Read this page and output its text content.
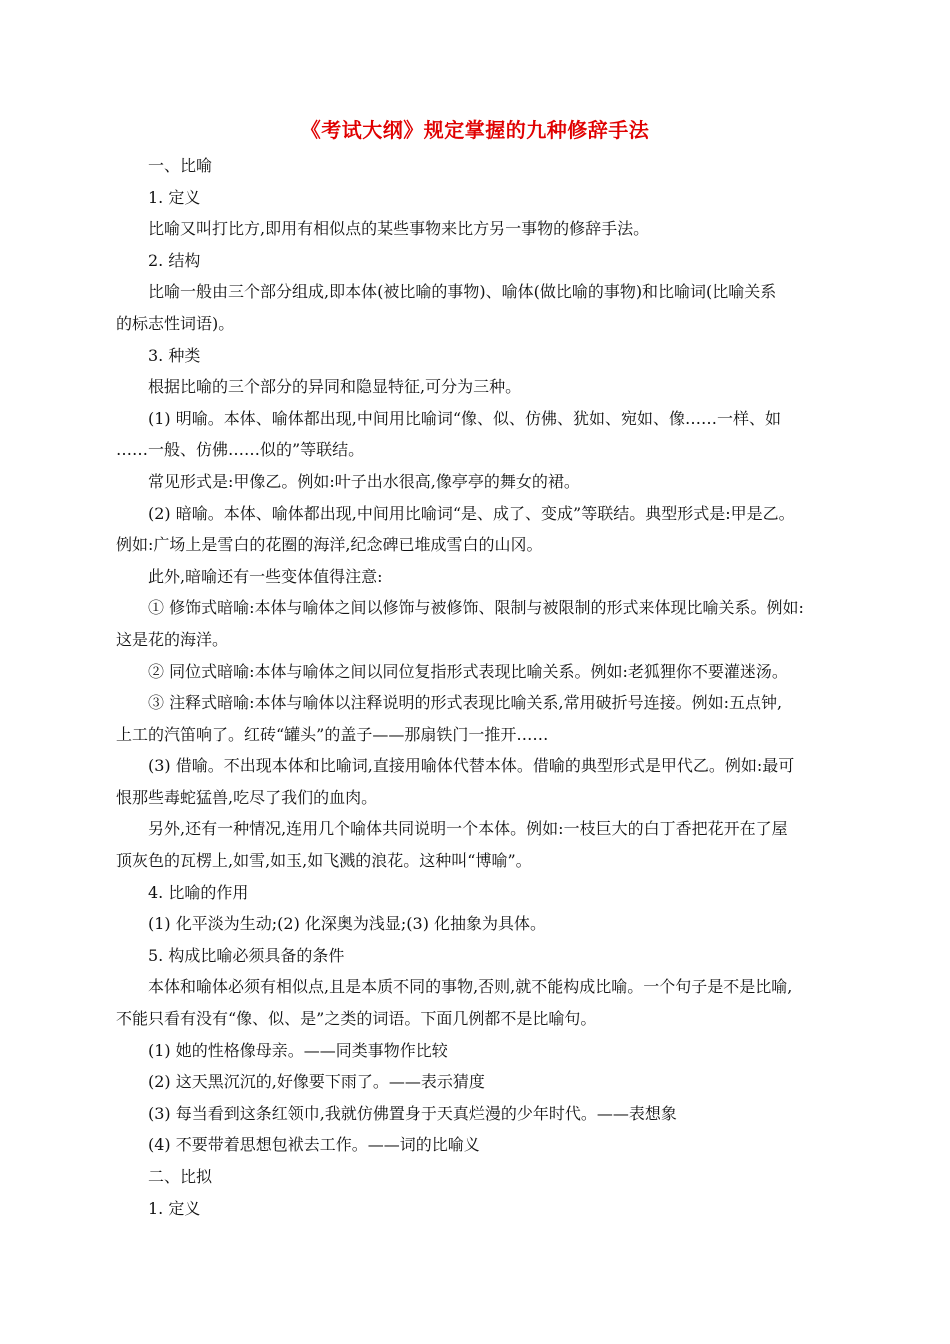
《考试大纲》规定掌握的九种修辞手法
一、比喻
1. 定义
比喻又叫打比方,即用有相似点的某些事物来比方另一事物的修辞手法。
2. 结构
比喻一般由三个部分组成,即本体(被比喻的事物)、喻体(做比喻的事物)和比喻词(比喻关系
的标志性词语)。
3. 种类
根据比喻的三个部分的异同和隐显特征,可分为三种。
(1) 明喻。本体、喻体都出现,中间用比喻词“像、似、仿佛、犹如、宛如、像……一样、如
……一般、仿佛……似的”等联结。
常见形式是:甲像乙。例如:叶子出水很高,像亭亭的舞女的裙。
(2) 暗喻。本体、喻体都出现,中间用比喻词“是、成了、变成”等联结。典型形式是:甲是乙。
例如:广场上是雪白的花圈的海洋,纪念碑已堆成雪白的山冈。
此外,暗喻还有一些变体值得注意:
① 修饰式暗喻:本体与喻体之间以修饰与被修饰、限制与被限制的形式来体现比喻关系。例如:
这是花的海洋。
② 同位式暗喻:本体与喻体之间以同位复指形式表现比喻关系。例如:老狐狸你不要灌迷汤。
③ 注释式暗喻:本体与喻体以注释说明的形式表现比喻关系,常用破折号连接。例如:五点钟,
上工的汽笛响了。红砖“罐头”的盖子——那扇铁门一推开……
(3) 借喻。不出现本体和比喻词,直接用喻体代替本体。借喻的典型形式是甲代乙。例如:最可
恨那些毒蛇猛兽,吃尽了我们的血肉。
另外,还有一种情况,连用几个喻体共同说明一个本体。例如:一枝巨大的白丁香把花开在了屋
顶灰色的瓦楞上,如雪,如玉,如飞溅的浪花。这种叫“博喻”。
4. 比喻的作用
(1) 化平淡为生动;(2) 化深奥为浅显;(3) 化抽象为具体。
5. 构成比喻必须具备的条件
本体和喻体必须有相似点,且是本质不同的事物,否则,就不能构成比喻。一个句子是不是比喻,
不能只看有没有“像、似、是”之类的词语。下面几例都不是比喻句。
(1) 她的性格像母亲。——同类事物作比较
(2) 这天黑沉沉的,好像要下雨了。——表示猜度
(3) 每当看到这条红领巾,我就仿佛置身于天真烂漫的少年时代。——表想象
(4) 不要带着思想包袱去工作。——词的比喻义
二、比拟
1. 定义
